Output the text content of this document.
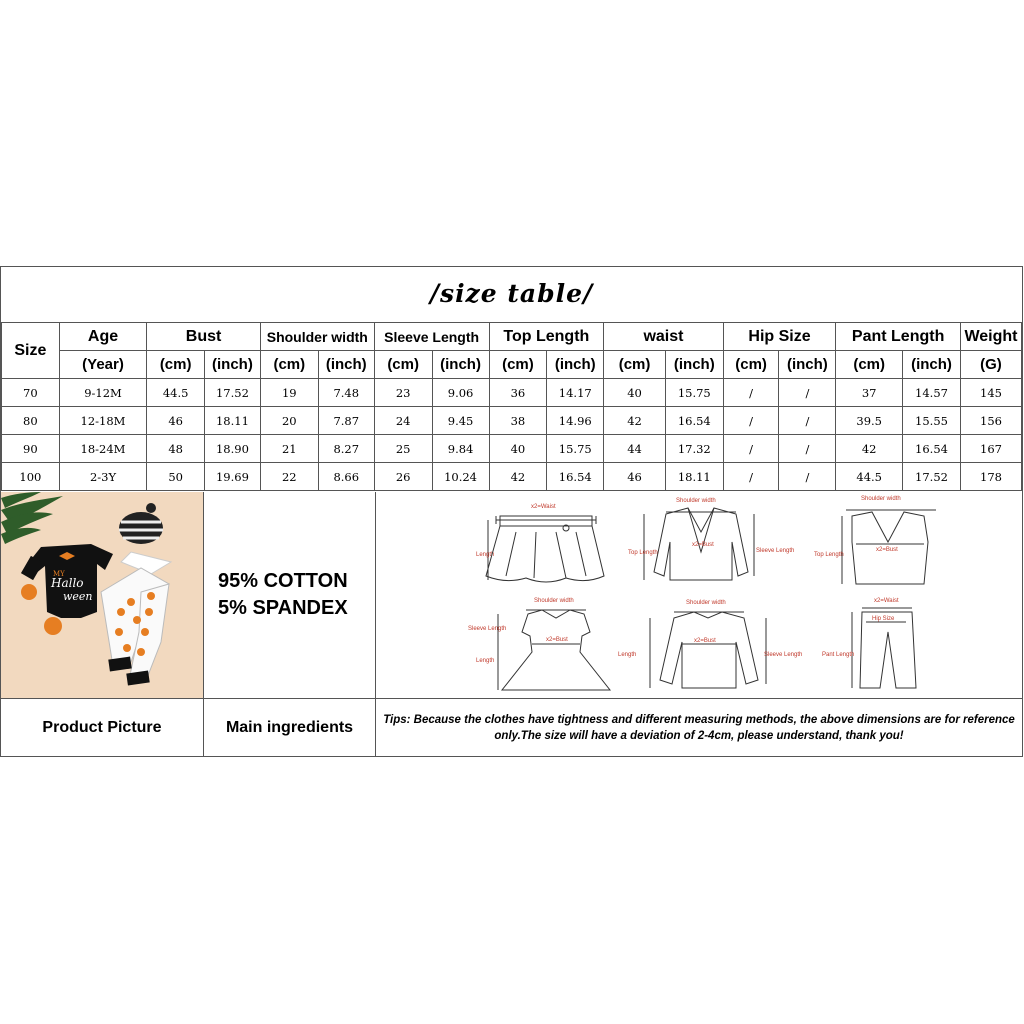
/size table/
Size	Age	Bust		Shoulder width		Sleeve Length		Top Length		waist		Hip Size		Pant Length		Weight
	(Year)	(cm)	(inch)	(cm)	(inch)	(cm)	(inch)	(cm)	(inch)	(cm)	(inch)	(cm)	(inch)	(cm)	(inch)	(G)
70	9-12M	44.5	17.52	19	7.48	23	9.06	36	14.17	40	15.75	/	/	37	14.57	145
80	12-18M	46	18.11	20	7.87	24	9.45	38	14.96	42	16.54	/	/	39.5	15.55	156
90	18-24M	48	18.90	21	8.27	25	9.84	40	15.75	44	17.32	/	/	42	16.54	167
100	2-3Y	50	19.69	22	8.66	26	10.24	42	16.54	46	18.11	/	/	44.5	17.52	178
MY
Hallo
ween
95% COTTON
5% SPANDEX
x2=Waist
Length
Shoulder width
Top Length
x2=Bust
Sleeve Length
Shoulder width
x2=Bust
Top Length
Shoulder width
x2=Bust
Sleeve Length
Length
Shoulder width
x2=Bust
Length	Sleeve Length
x2=Waist
Hip Size
Pant Length
Product Picture	Main ingredients	Tips: Because the clothes have tightness and different measuring methods, the above dimensions are for reference only.The size will have a deviation of 2-4cm, please understand, thank you!
